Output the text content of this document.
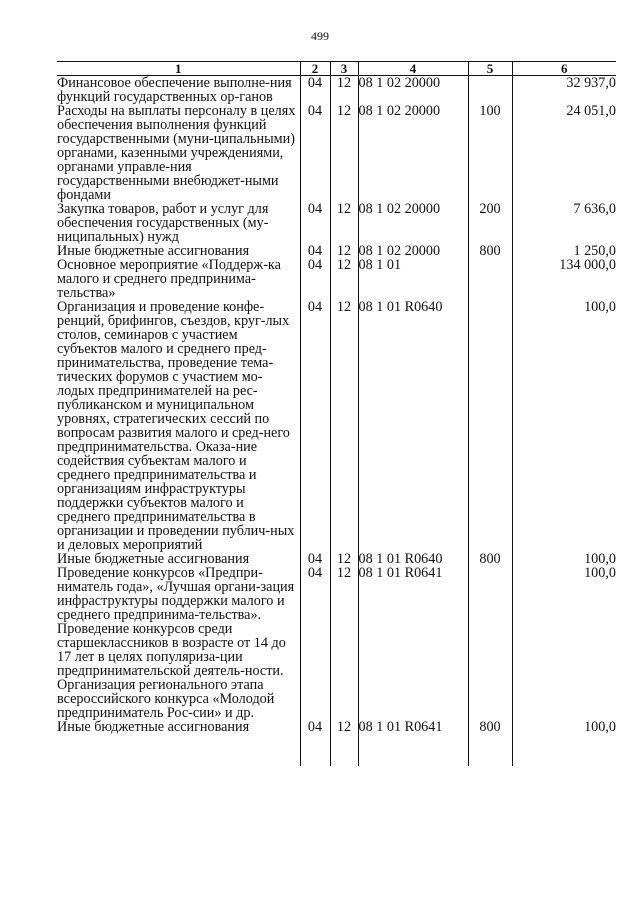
499
1	2	3	4	5	6
Финансовое обеспечение выполне-ния функций государственных ор-ганов	04	12	08 1 02 20000		32 937,0
Расходы на выплаты персоналу в целях обеспечения выполнения функций государственными (муни-ципальными) органами, казенными учреждениями, органами управле-ния государственными внебюджет-ными фондами	04	12	08 1 02 20000	100	24 051,0
Закупка товаров, работ и услуг для обеспечения государственных (му-ниципальных) нужд	04	12	08 1 02 20000	200	7 636,0
Иные бюджетные ассигнования	04	12	08 1 02 20000	800	1 250,0
Основное мероприятие «Поддерж-ка малого и среднего предпринима-тельства»	04	12	08 1 01		134 000,0
Организация и проведение конфе-ренций, брифингов, съездов, круг-лых столов, семинаров с участием субъектов малого и среднего пред-принимательства, проведение тема-тических форумов с участием мо-лодых предпринимателей на рес-публиканском и муниципальном уровнях, стратегических сессий по вопросам развития малого и сред-него предпринимательства. Оказа-ние содействия субъектам малого и среднего предпринимательства и организациям инфраструктуры поддержки субъектов малого и среднего предпринимательства в организации и проведении публич-ных и деловых мероприятий	04	12	08 1 01 R0640		100,0
Иные бюджетные ассигнования	04	12	08 1 01 R0640	800	100,0
Проведение конкурсов «Предпри-ниматель года», «Лучшая органи-зация инфраструктуры поддержки малого и среднего предпринима-тельства». Проведение конкурсов среди старшеклассников в возрасте от 14 до 17 лет в целях популяриза-ции предпринимательской деятель-ности. Организация регионального этапа всероссийского конкурса «Молодой предприниматель Рос-сии» и др.	04	12	08 1 01 R0641		100,0
Иные бюджетные ассигнования	04	12	08 1 01 R0641	800	100,0
